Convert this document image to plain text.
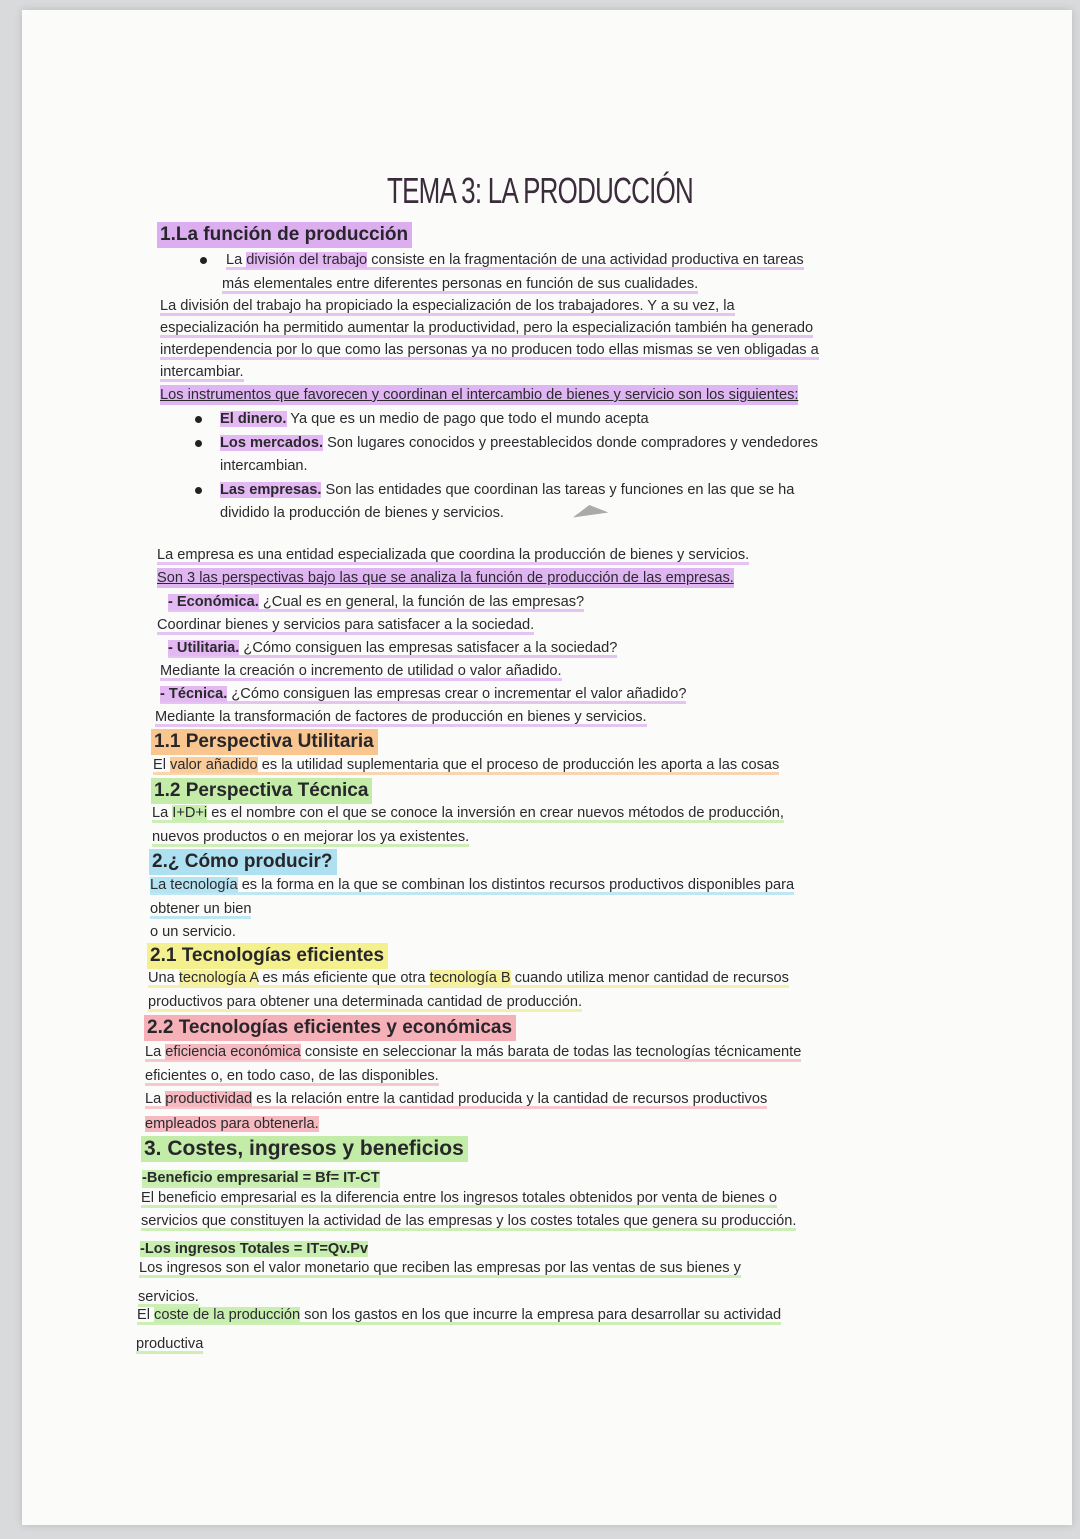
TEMA 3: LA PRODUCCIÓN
1.La función de producción
La división del trabajo consiste en la fragmentación de una actividad productiva en tareas
más elementales entre diferentes personas en función de sus cualidades.
La división del trabajo ha propiciado la especialización de los trabajadores. Y a su vez, la
especialización ha permitido aumentar la productividad, pero la especialización también ha generado
interdependencia por lo que como las personas ya no producen todo ellas mismas se ven obligadas a
intercambiar.
Los instrumentos que favorecen y coordinan el intercambio de bienes y servicio son los siguientes:
El dinero. Ya que es un medio de pago que todo el mundo acepta
Los mercados. Son lugares conocidos y preestablecidos donde compradores y vendedores
intercambian.
Las empresas. Son las entidades que coordinan las tareas y funciones en las que se ha
dividido la producción de bienes y servicios.
La empresa es una entidad especializada que coordina la producción de bienes y servicios.
Son 3 las perspectivas bajo las que se analiza la función de producción de las empresas.
- Económica. ¿Cual es en general, la función de las empresas?
Coordinar bienes y servicios para satisfacer a la sociedad.
- Utilitaria. ¿Cómo consiguen las empresas satisfacer a la sociedad?
Mediante la creación o incremento de utilidad o valor añadido.
- Técnica. ¿Cómo consiguen las empresas crear o incrementar el valor añadido?
Mediante la transformación de factores de producción en bienes y servicios.
1.1 Perspectiva Utilitaria
El valor añadido es la utilidad suplementaria que el proceso de producción les aporta a las cosas
1.2 Perspectiva Técnica
La I+D+i es el nombre con el que se conoce la inversión en crear nuevos métodos de producción,
nuevos productos o en mejorar los ya existentes.
2.¿ Cómo producir?
La tecnología es la forma en la que se combinan los distintos recursos productivos disponibles para
obtener un bien
o un servicio.
2.1 Tecnologías eficientes
Una tecnología A es más eficiente que otra tecnología B cuando utiliza menor cantidad de recursos
productivos para obtener una determinada cantidad de producción.
2.2 Tecnologías eficientes y económicas
La eficiencia económica consiste en seleccionar la más barata de todas las tecnologías técnicamente
eficientes o, en todo caso, de las disponibles.
La productividad es la relación entre la cantidad producida y la cantidad de recursos productivos
empleados para obtenerla.
3. Costes, ingresos y beneficios
-Beneficio empresarial = Bf= IT-CT
El beneficio empresarial es la diferencia entre los ingresos totales obtenidos por venta de bienes o
servicios que constituyen la actividad de las empresas y los costes totales que genera su producción.
-Los ingresos Totales = IT=Qv.Pv
Los ingresos son el valor monetario que reciben las empresas por las ventas de sus bienes y
servicios.
El coste de la producción son los gastos en los que incurre la empresa para desarrollar su actividad
productiva
